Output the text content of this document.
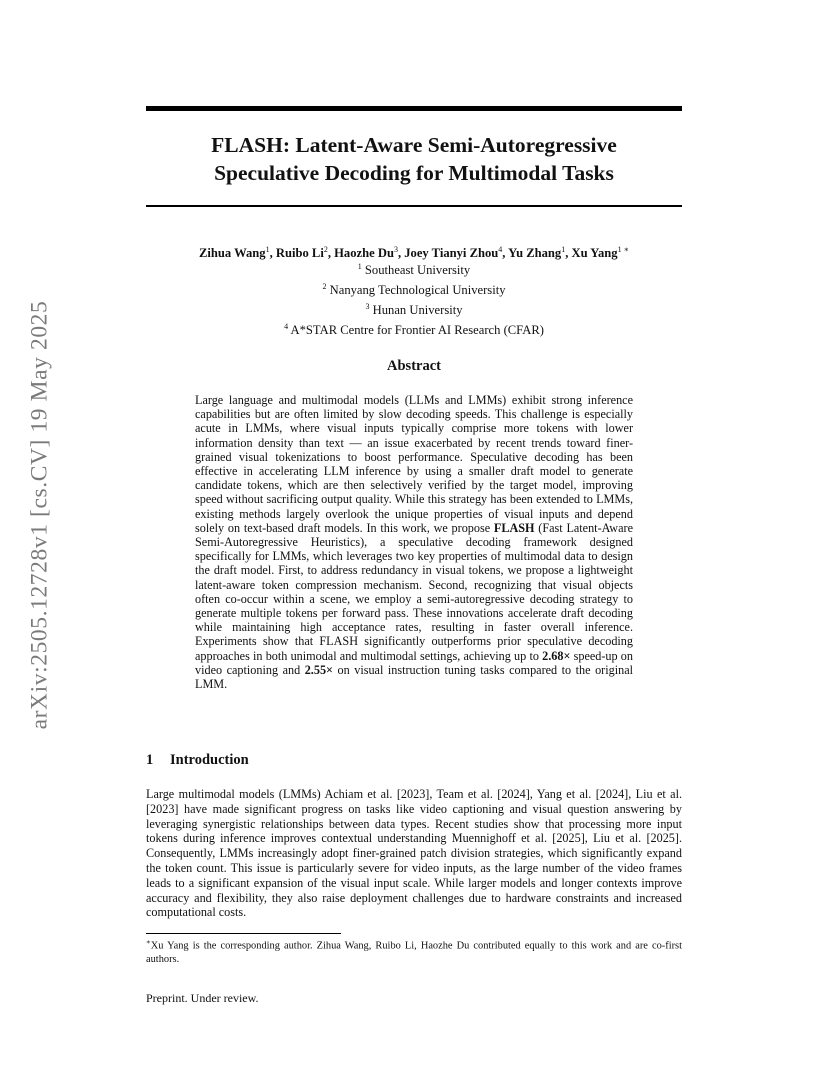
arXiv:2505.12728v1 [cs.CV] 19 May 2025
FLASH: Latent-Aware Semi-Autoregressive
Speculative Decoding for Multimodal Tasks
Zihua Wang$^1$, Ruibo Li$^2$, Haozhe Du$^3$, Joey Tianyi Zhou$^4$, Yu Zhang$^1$, Xu Yang$^{1 ∗}$
$^1$ Southeast University
$^2$ Nanyang Technological University
$^3$ Hunan University
$^4$ A*STAR Centre for Frontier AI Research (CFAR)
Abstract

Large language and multimodal models (LLMs and LMMs) exhibit strong inference capabilities but are often limited by slow decoding speeds. This challenge is especially acute in LMMs, where visual inputs typically comprise more tokens with lower information density than text — an issue exacerbated by recent trends toward finer-grained visual tokenizations to boost performance. Speculative decoding has been effective in accelerating LLM inference by using a smaller draft model to generate candidate tokens, which are then selectively verified by the target model, improving speed without sacrificing output quality. While this strategy has been extended to LMMs, existing methods largely overlook the unique properties of visual inputs and depend solely on text-based draft models. In this work, we propose FLASH (Fast Latent-Aware Semi-Autoregressive Heuristics), a speculative decoding framework designed specifically for LMMs, which leverages two key properties of multimodal data to design the draft model. First, to address redundancy in visual tokens, we propose a lightweight latent-aware token compression mechanism. Second, recognizing that visual objects often co-occur within a scene, we employ a semi-autoregressive decoding strategy to generate multiple tokens per forward pass. These innovations accelerate draft decoding while maintaining high acceptance rates, resulting in faster overall inference. Experiments show that FLASH significantly outperforms prior speculative decoding approaches in both unimodal and multimodal settings, achieving up to 2.68× speed-up on video captioning and 2.55× on visual instruction tuning tasks compared to the original LMM.

1 Introduction

Large multimodal models (LMMs) Achiam et al. [2023], Team et al. [2024], Yang et al. [2024], Liu et al. [2023] have made significant progress on tasks like video captioning and visual question answering by leveraging synergistic relationships between data types. Recent studies show that processing more input tokens during inference improves contextual understanding Muennighoff et al. [2025], Liu et al. [2025]. Consequently, LMMs increasingly adopt finer-grained patch division strategies, which significantly expand the token count. This issue is particularly severe for video inputs, as the large number of the video frames leads to a significant expansion of the visual input scale. While larger models and longer contexts improve accuracy and flexibility, they also raise deployment challenges due to hardware constraints and increased computational costs.

∗Xu Yang is the corresponding author. Zihua Wang, Ruibo Li, Haozhe Du contributed equally to this work and are co-first authors.

Preprint. Under review.
